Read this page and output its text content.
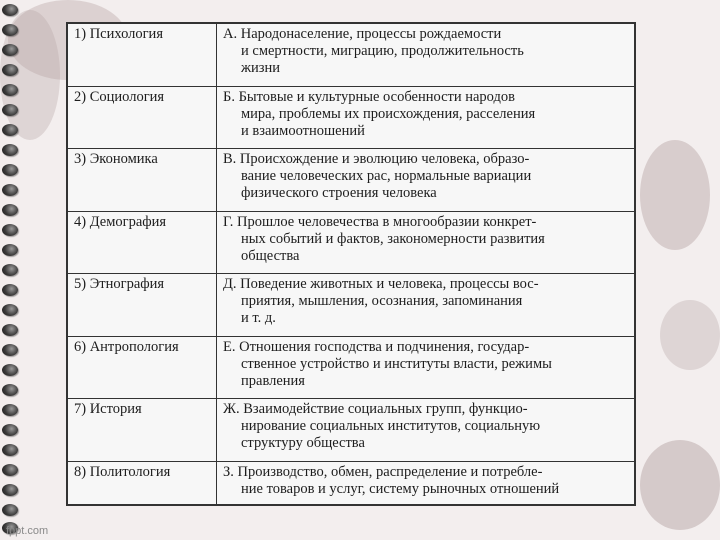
1) Психология	А. Народонаселение, процессы рождаемости
и смертности, миграцию, продолжительность
жизни

2) Социология	Б. Бытовые и культурные особенности народов
мира, проблемы их происхождения, расселения
и взаимоотношений

3) Экономика	В. Происхождение и эволюцию человека, образо-
вание человеческих рас, нормальные вариации
физического строения человека

4) Демография	Г. Прошлое человечества в многообразии конкрет-
ных событий и фактов, закономерности развития
общества

5) Этнография	Д. Поведение животных и человека, процессы вос-
приятия, мышления, осознания, запоминания
и т. д.

6) Антропология	Е. Отношения господства и подчинения, государ-
ственное устройство и институты власти, режимы
правления

7) История	Ж. Взаимодействие социальных групп, функцио-
нирование социальных институтов, социальную
структуру общества

8) Политология	З. Производство, обмен, распределение и потребле-
ние товаров и услуг, систему рыночных отношений
fppt.com
